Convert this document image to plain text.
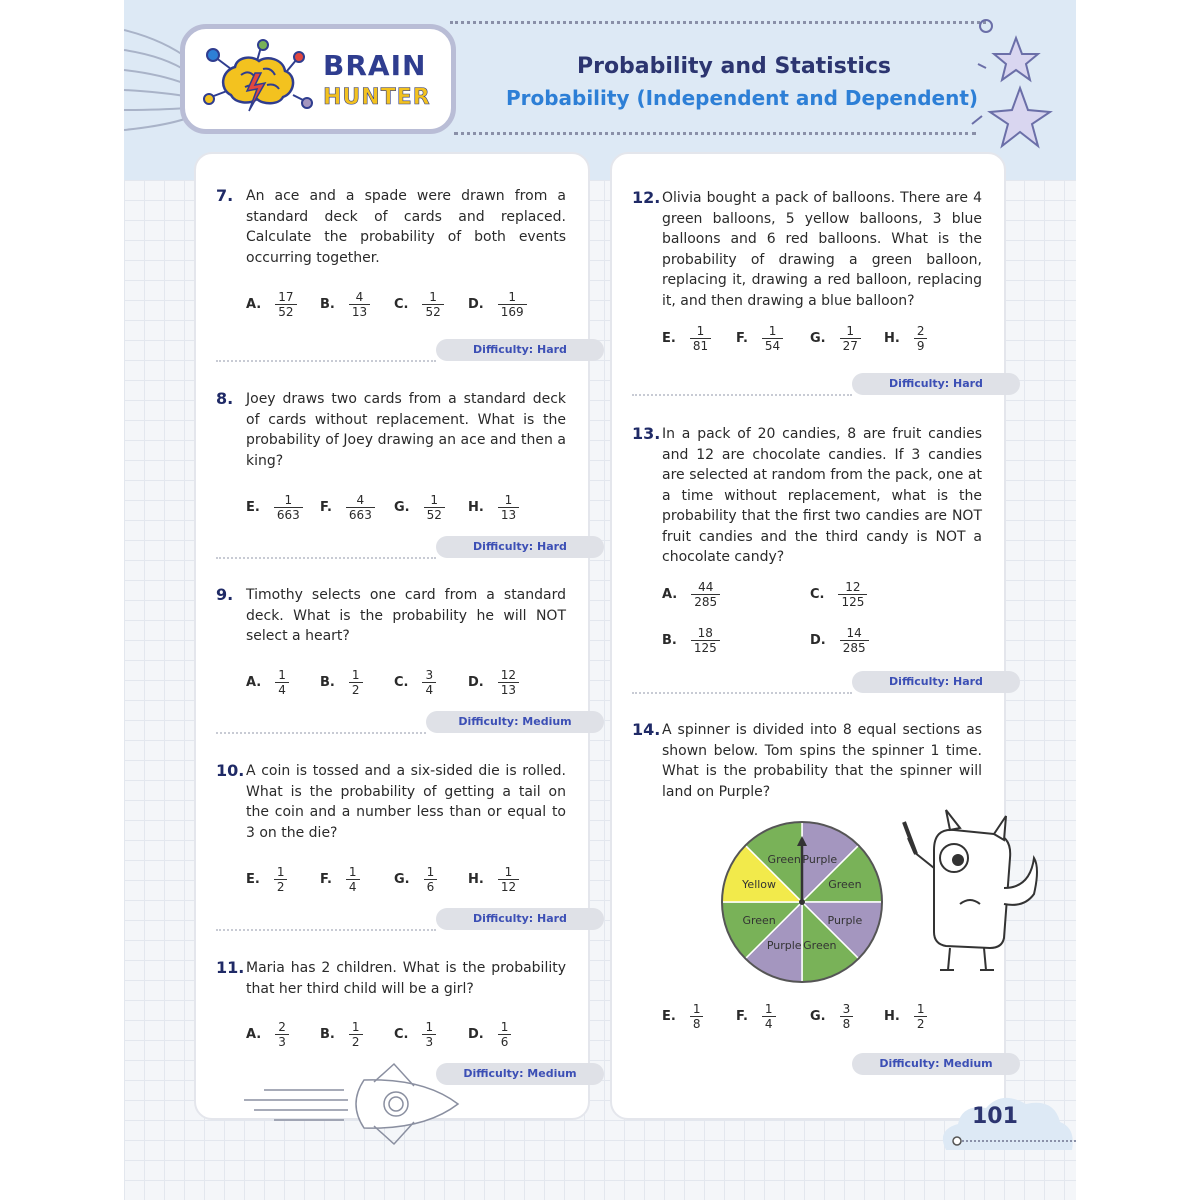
BRAIN
HUNTER
Probability and Statistics
Probability (Independent and Dependent)
7. An ace and a spade were drawn from a standard deck of cards and replaced. Calculate the probability of both events occurring together.
A. $\frac{17}{52} B$. $\frac{4}{13} C$. $\frac{1}{52} D$. $\frac{1}{169}$
Difficulty: Hard
8. Joey draws two cards from a standard deck of cards without replacement. What is the probability of Joey drawing an ace and then a king?
E. $\frac{1}{663} F$. $\frac{4}{663} G$. $\frac{1}{52} H$. $\frac{1}{13}$
Difficulty: Hard
9. Timothy selects one card from a standard deck. What is the probability he will NOT select a heart?
A. $\frac{1}{4} B$. $\frac{1}{2} C$. $\frac{3}{4} D$. $\frac{12}{13}$
Difficulty: Medium
10. A coin is tossed and a six-sided die is rolled. What is the probability of getting a tail on the coin and a number less than or equal to 3 on the die?
E. $\frac{1}{2}$	F. $\frac{1}{4}$	G. $\frac{1}{6} H$. $\frac{1}{12}$
Difficulty: Hard
11. Maria has 2 children. What is the probability that her third child will be a girl?
A. $\frac{2}{3} B$. $\frac{1}{2} C$. $\frac{1}{3} D$. $\frac{1}{6}$
Difficulty: Medium
12. Olivia bought a pack of balloons. There are 4 green balloons, 5 yellow balloons, 3 blue balloons and 6 red balloons. What is the probability of drawing a green balloon, replacing it, drawing a red balloon, replacing it, and then drawing a blue balloon?
E. $\frac{1}{81} F$. $\frac{1}{54} G$. $\frac{1}{27} H$. $\frac{2}{9}$
Difficulty: Hard
13. In a pack of 20 candies, 8 are fruit candies and 12 are chocolate candies. If 3 candies are selected at random from the pack, one at a time without replacement, what is the probability that the first two candies are NOT fruit candies and the third candy is NOT a chocolate candy?
A. $\frac{44}{285}$	C. $\frac{12}{125}$
B. $\frac{18}{125}$	D. $\frac{14}{285}$
Difficulty: Hard
14. A spinner is divided into 8 equal sections as shown below. Tom spins the spinner 1 time. What is the probability that the spinner will land on Purple?
Purple
Green
Purple
Green
Purple
Green
Yellow
Green
E. $\frac{1}{8}$	F. $\frac{1}{4}$	G. $\frac{3}{8} H$. $\frac{1}{2}$
Difficulty: Medium
101
